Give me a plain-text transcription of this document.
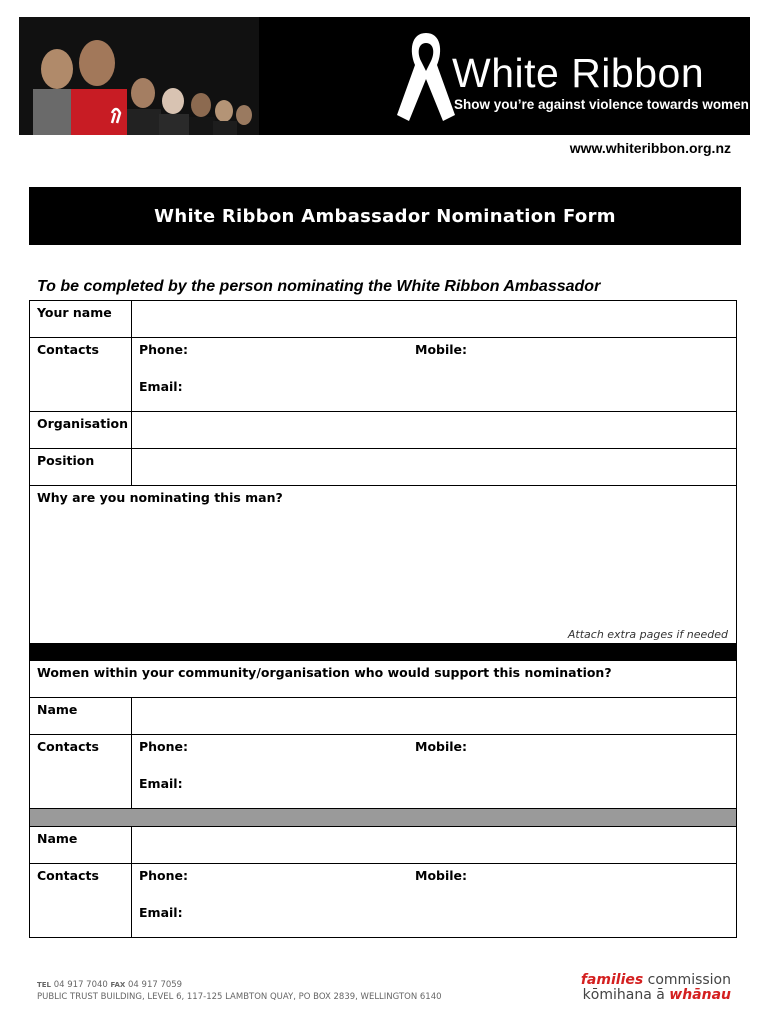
White Ribbon
Show you’re against violence towards women
www.whiteribbon.org.nz
White Ribbon Ambassador Nomination Form
To be completed by the person nominating the White Ribbon Ambassador
Your name	
Contacts	Phone: Mobile:
Email:

Organisation	
Position	
Why are you nominating this man?
Attach extra pages if needed	

Women within your community/organisation who would support this nomination?	
Name	
Contacts	Phone: Mobile:
Email:

Name	
Contacts	Phone: Mobile:
Email:
TEL 04 917 7040 FAX 04 917 7059
PUBLIC TRUST BUILDING, LEVEL 6, 117-125 LAMBTON QUAY, PO BOX 2839, WELLINGTON 6140
families commission
kōmihana ā whānau
